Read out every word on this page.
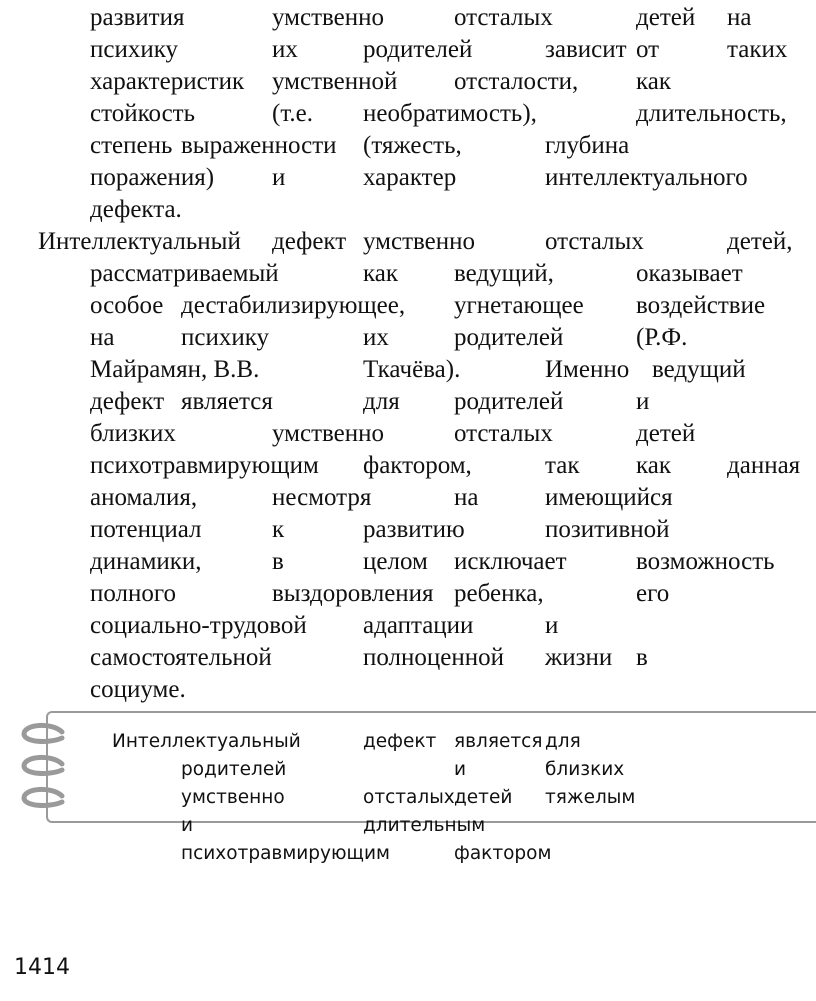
развития	умственно	отсталых	детей на
психику	их	родителей	зависит от	таких
характеристик умственной отсталости, как
стойкость	(т.е. необратимость),	длительность,
степень выраженности (тяжесть,	глубина
поражения) и	характер	интеллектуального
дефекта.
Интеллектуальный дефект умственно	отсталых	детей,
рассматриваемый	как ведущий,	оказывает
особое дестабилизирующее, угнетающее воздействие
на	психику	их	родителей	(Р.Ф.
Майрамян, В.В.	Ткачёва).	Именно ведущий
дефект является	для родителей	и
близких	умственно	отсталых	детей
психотравмирующим фактором,	так как данная
аномалия,	несмотря	на	имеющийся
потенциал	к	развитию	позитивной
динамики,	в	целом исключает	возможность
полного	выздоровления ребенка,	его
социально-трудовой адаптации	и
самостоятельной	полноценной жизни в
социуме.
Интеллектуальный	дефект является для
родителей	и	близких
умственно	отсталых детей тяжелым
и	длительным
психотравмирующим	фактором
1414
